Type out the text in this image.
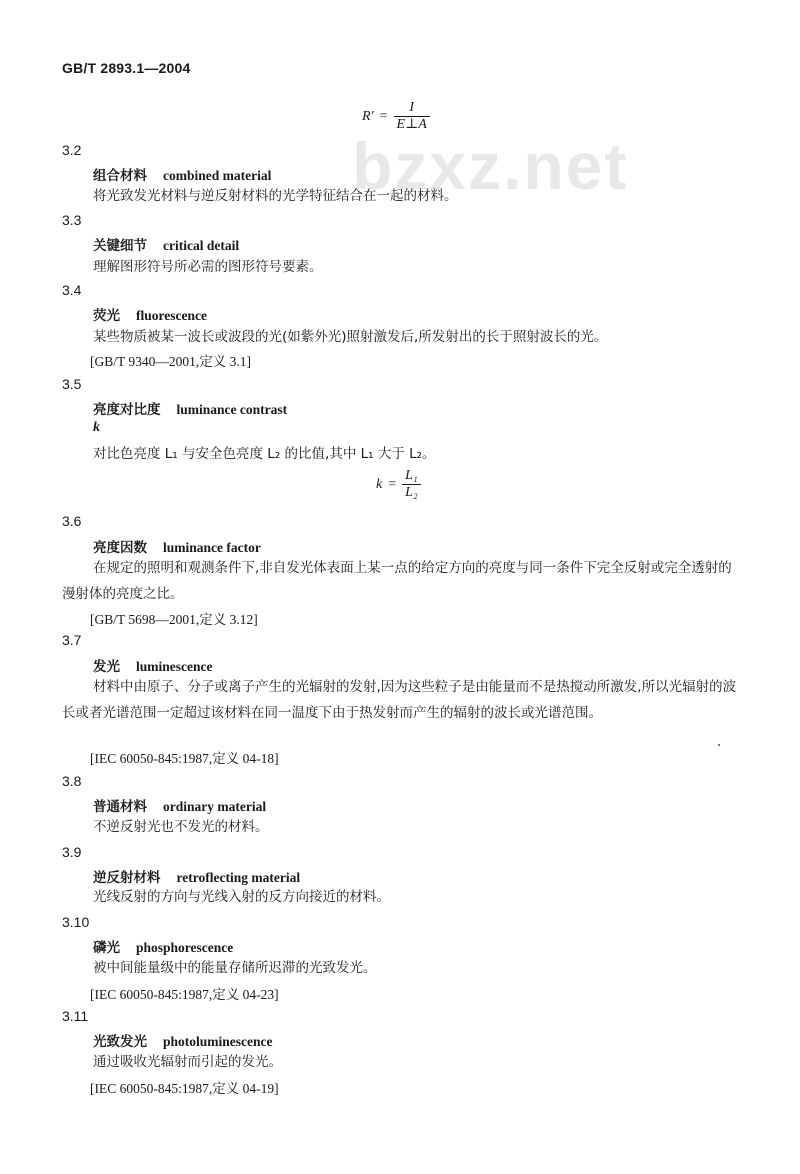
GB/T 2893.1—2004
bzxz.net
$R' = \frac{I}{E\perp A}$
3.2
组合材料 combined material
将光致发光材料与逆反射材料的光学特征结合在一起的材料。
3.3
关键细节 critical detail
理解图形符号所必需的图形符号要素。
3.4
荧光 fluorescence
某些物质被某一波长或波段的光(如紫外光)照射激发后,所发射出的长于照射波长的光。
[GB/T 9340—2001,定义 3.1]
3.5
亮度对比度 luminance contrast
k
对比色亮度 L₁ 与安全色亮度 L₂ 的比值,其中 L₁ 大于 L₂。
$k = \frac{\text{L₁}}{\text{L₂}}$
3.6
亮度因数 luminance factor
在规定的照明和观测条件下,非自发光体表面上某一点的给定方向的亮度与同一条件下完全反射或完全透射的漫射体的亮度之比。
[GB/T 5698—2001,定义 3.12]
3.7
发光 luminescence
材料中由原子、分子或离子产生的光辐射的发射,因为这些粒子是由能量而不是热搅动所激发,所以光辐射的波长或者光谱范围一定超过该材料在同一温度下由于热发射而产生的辐射的波长或光谱范围。
[IEC 60050-845:1987,定义 04-18]
3.8
普通材料 ordinary material
不逆反射光也不发光的材料。
3.9
逆反射材料 retroflecting material
光线反射的方向与光线入射的反方向接近的材料。
3.10
磷光 phosphorescence
被中间能量级中的能量存储所迟滞的光致发光。
[IEC 60050-845:1987,定义 04-23]
3.11
光致发光 photoluminescence
通过吸收光辐射而引起的发光。
[IEC 60050-845:1987,定义 04-19]
